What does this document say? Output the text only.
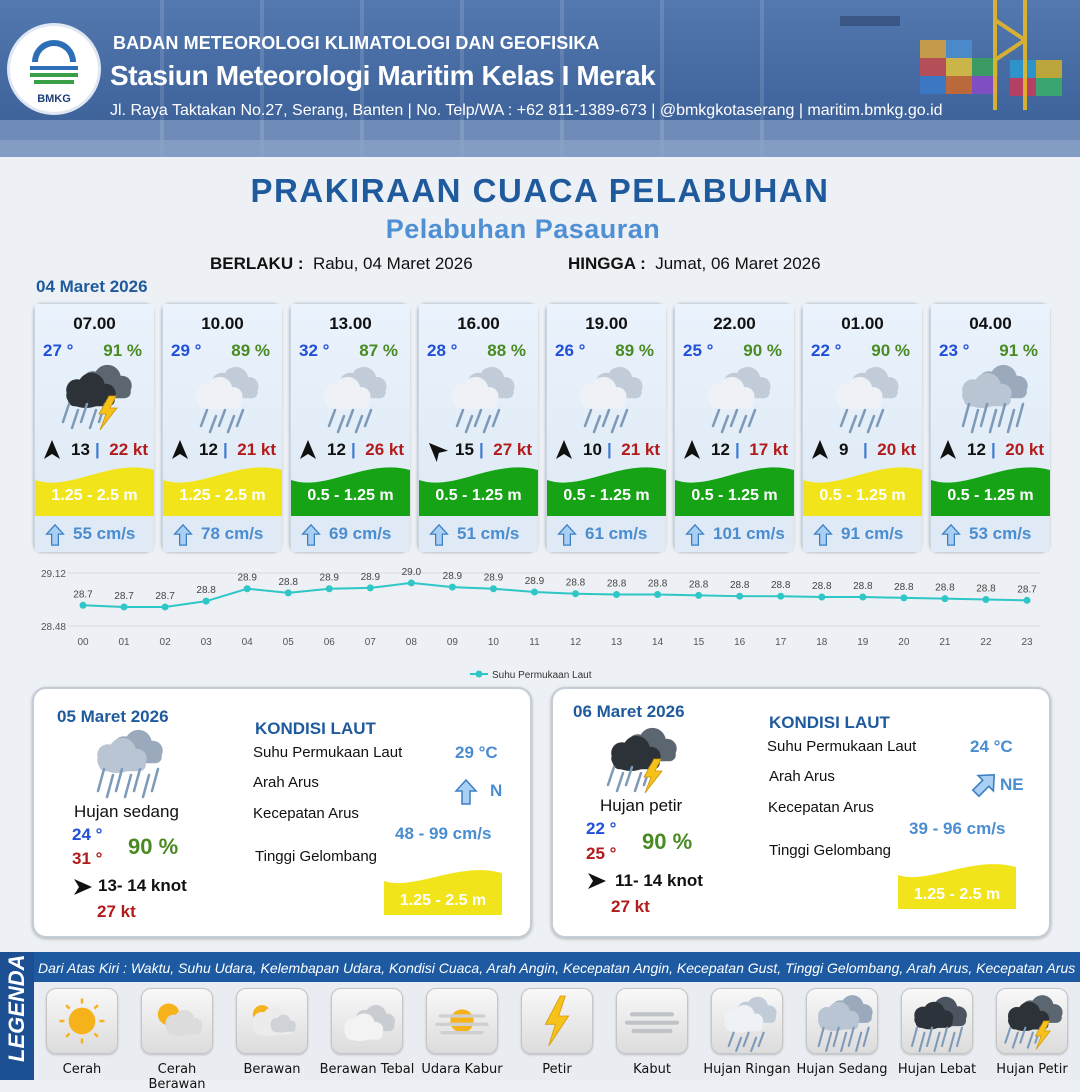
BMKG
BADAN METEOROLOGI KLIMATOLOGI DAN GEOFISIKA
Stasiun Meteorologi Maritim Kelas I Merak
Jl. Raya Taktakan No.27, Serang, Banten | No. Telp/WA : +62 811-1389-673 | @bmkgkotaserang | maritim.bmkg.go.id
PRAKIRAAN CUACA PELABUHAN
Pelabuhan Pasauran
BERLAKU : Rabu, 04 Maret 2026	HINGGA : Jumat, 06 Maret 2026
04 Maret 2026
07.00
27 ° 91 %
13 | 22 kt
1.25 - 2.5 m
55 cm/s
10.00
29 ° 89 %
12 | 21 kt
1.25 - 2.5 m
78 cm/s
13.00
32 ° 87 %
12 | 26 kt
0.5 - 1.25 m
69 cm/s
16.00
28 ° 88 %
15 | 27 kt
0.5 - 1.25 m
51 cm/s
19.00
26 ° 89 %
10 | 21 kt
0.5 - 1.25 m
61 cm/s
22.00
25 ° 90 %
12 | 17 kt
0.5 - 1.25 m
101 cm/s
01.00
22 ° 90 %
9 | 20 kt
0.5 - 1.25 m
91 cm/s
04.00
23 ° 91 %
12 | 20 kt
0.5 - 1.25 m
53 cm/s
29.12
28.48
28.7
00
28.7
01
28.7
02
28.8
03
28.9
04
28.8
05
28.9
06
28.9
07
29.0
08
28.9
09
28.9
10
28.9
11
28.8
12
28.8
13
28.8
14
28.8
15
28.8
16
28.8
17
28.8
18
28.8
19
28.8
20
28.8
21
28.8
22
28.7
23
Suhu Permukaan Laut
05 Maret 2026
Hujan sedang
24 °
31 ° 90 %
13- 14 knot
27 kt
KONDISI LAUT
Suhu Permukaan Laut	29 °C
Arah Arus	N
Kecepatan Arus
48 - 99 cm/s
Tinggi Gelombang
1.25 - 2.5 m
06 Maret 2026
Hujan petir
22 °
25 ° 90 %
11- 14 knot
27 kt
KONDISI LAUT
Suhu Permukaan Laut	24 °C
Arah Arus	NE
Kecepatan Arus
39 - 96 cm/s
Tinggi Gelombang
1.25 - 2.5 m
LEGENDA Dari Atas Kiri : Waktu, Suhu Udara, Kelembapan Udara, Kondisi Cuaca, Arah Angin, Kecepatan Angin, Kecepatan Gust, Tinggi Gelombang, Arah Arus, Kecepatan Arus
Cerah	Cerah Berawan
Berawan	Berawan Tebal Udara Kabur	Petir	Kabut	Hujan Ringan Hujan Sedang Hujan Lebat	Hujan Petir
